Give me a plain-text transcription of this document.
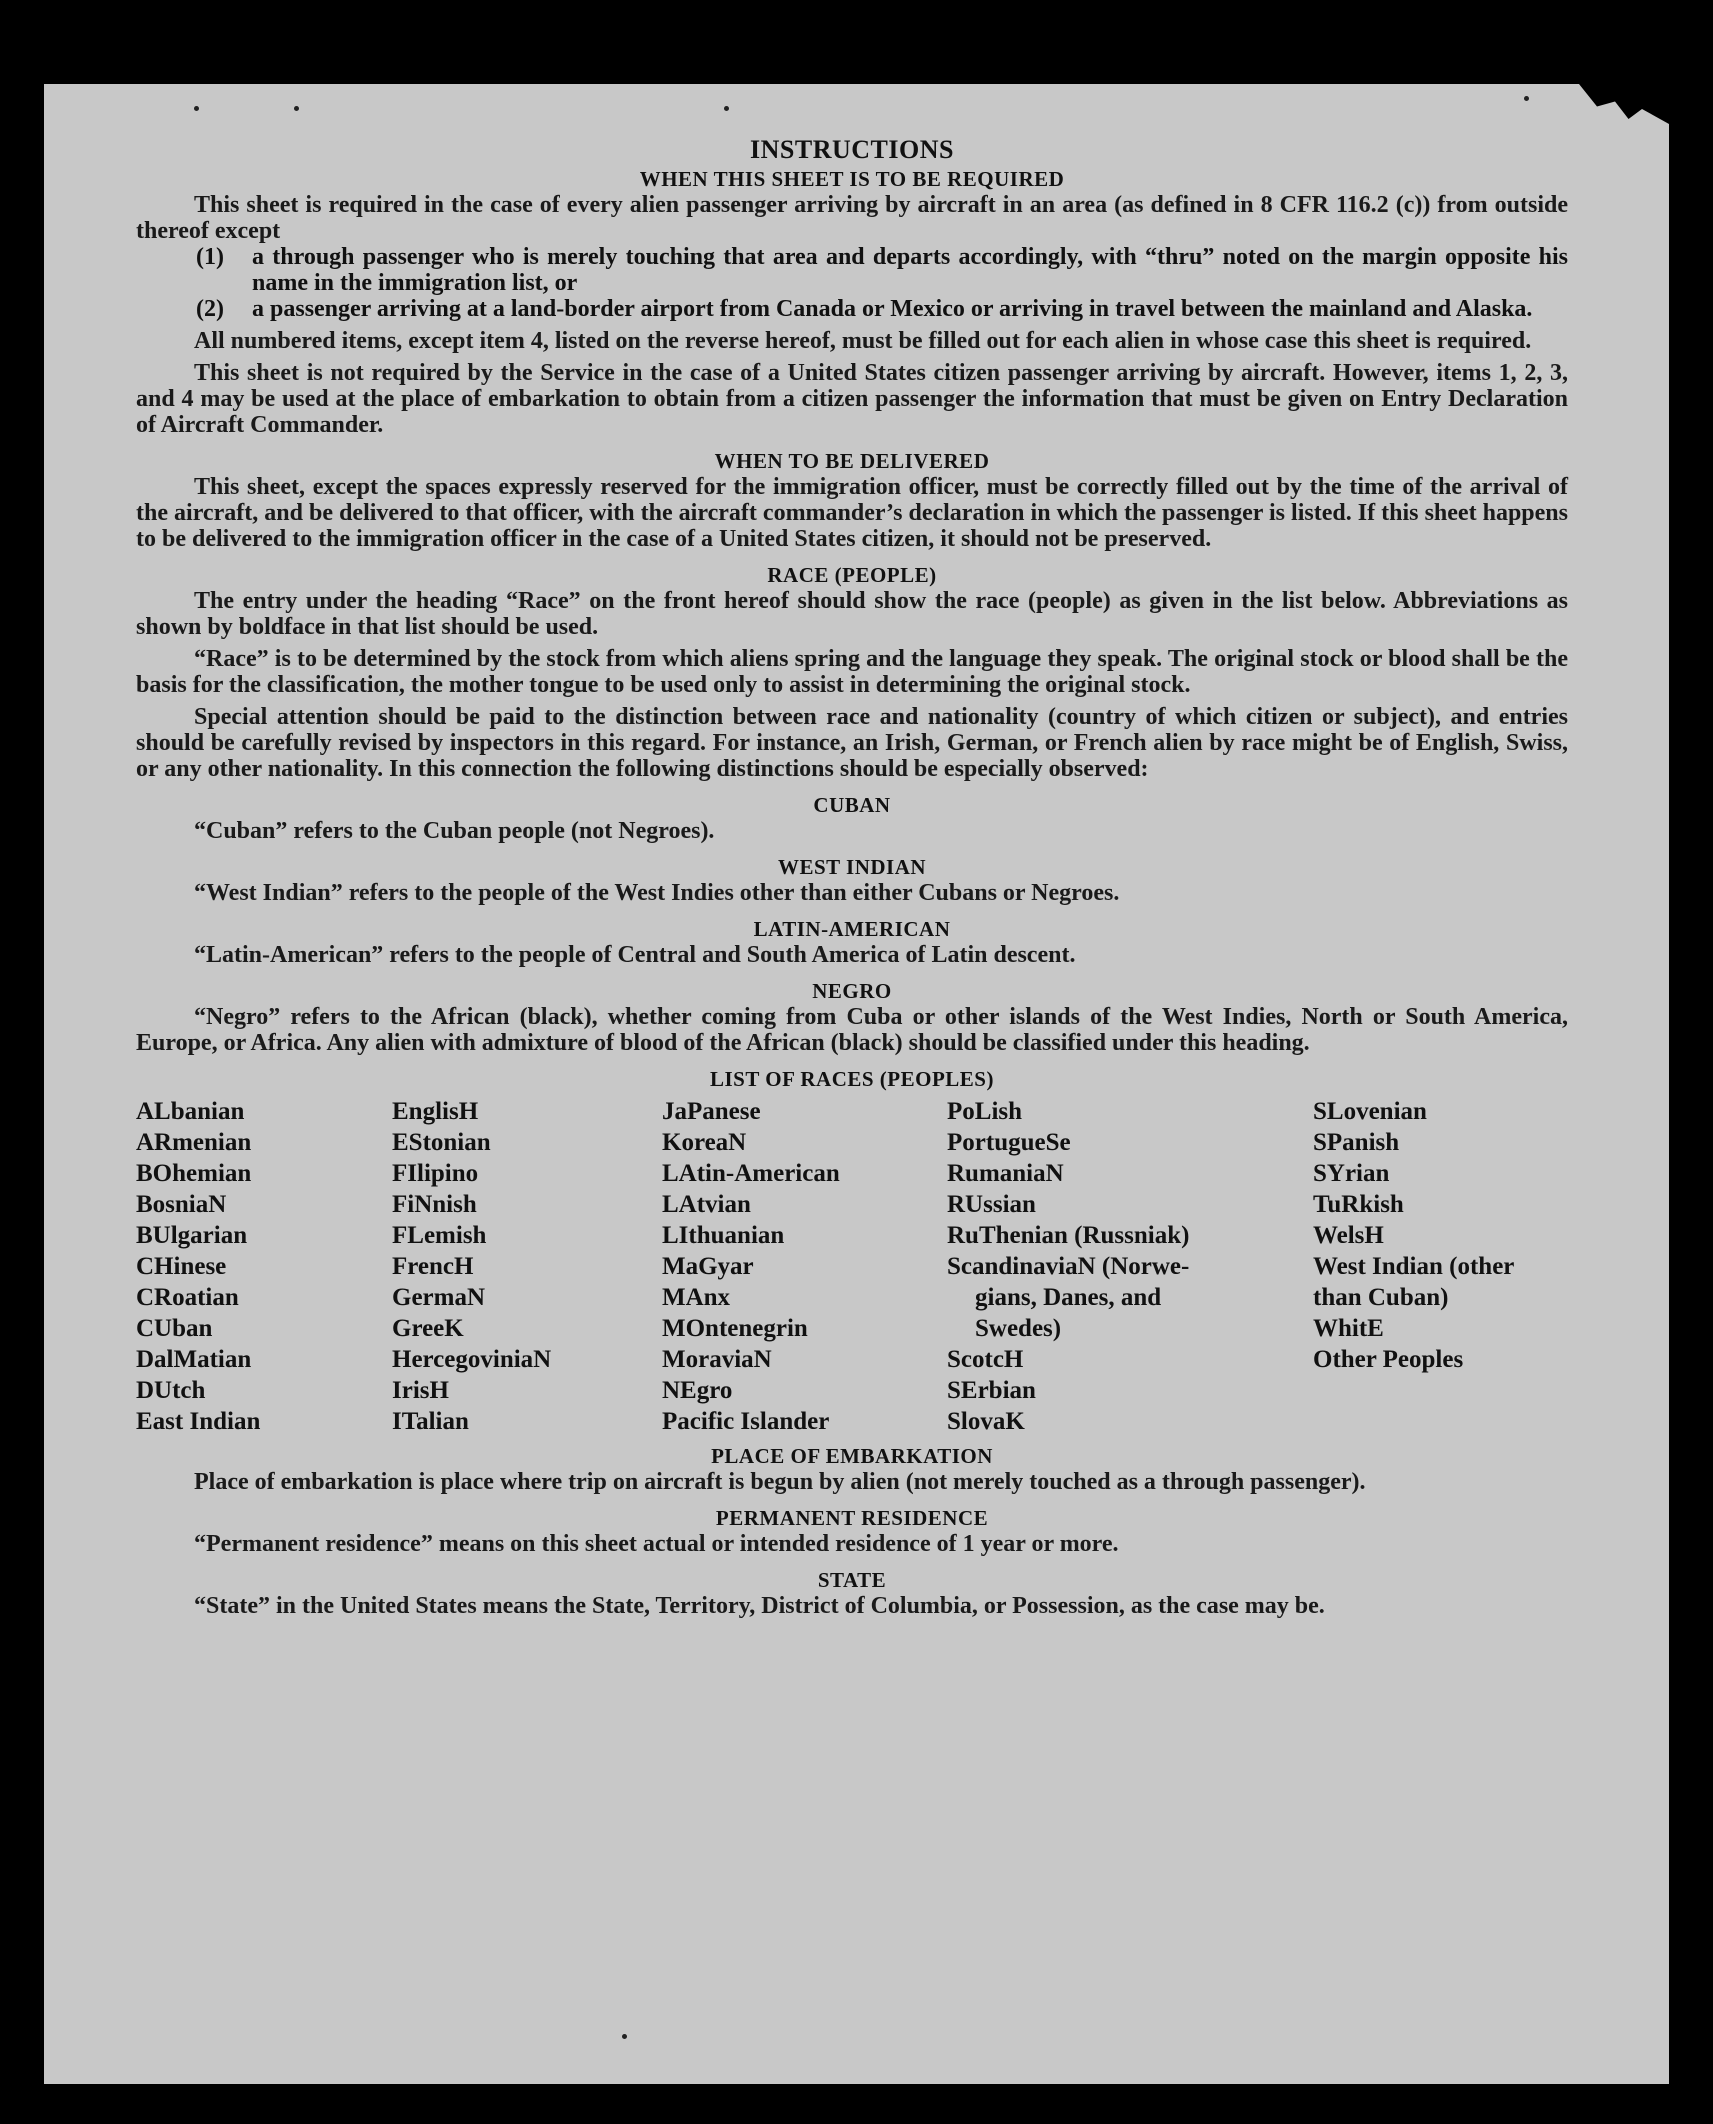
INSTRUCTIONS

WHEN THIS SHEET IS TO BE REQUIRED

This sheet is required in the case of every alien passenger arriving by aircraft in an area (as defined in 8 CFR 116.2 (c)) from outside thereof except

(1)	a through passenger who is merely touching that area and departs accordingly, with “thru” noted on the margin opposite his name in the immigration list, or
(2)	a passenger arriving at a land-border airport from Canada or Mexico or arriving in travel between the mainland and Alaska.

All numbered items, except item 4, listed on the reverse hereof, must be filled out for each alien in whose case this sheet is required.

This sheet is not required by the Service in the case of a United States citizen passenger arriving by aircraft. However, items 1, 2, 3, and 4 may be used at the place of embarkation to obtain from a citizen passenger the information that must be given on Entry Declaration of Aircraft Commander.

WHEN TO BE DELIVERED

This sheet, except the spaces expressly reserved for the immigration officer, must be correctly filled out by the time of the arrival of the aircraft, and be delivered to that officer, with the aircraft commander’s declaration in which the passenger is listed. If this sheet happens to be delivered to the immigration officer in the case of a United States citizen, it should not be preserved.

RACE (PEOPLE)

The entry under the heading “Race” on the front hereof should show the race (people) as given in the list below. Abbreviations as shown by boldface in that list should be used.

“Race” is to be determined by the stock from which aliens spring and the language they speak. The original stock or blood shall be the basis for the classification, the mother tongue to be used only to assist in determining the original stock.

Special attention should be paid to the distinction between race and nationality (country of which citizen or subject), and entries should be carefully revised by inspectors in this regard. For instance, an Irish, German, or French alien by race might be of English, Swiss, or any other nationality. In this connection the following distinctions should be especially observed:

CUBAN

“Cuban” refers to the Cuban people (not Negroes).

WEST INDIAN

“West Indian” refers to the people of the West Indies other than either Cubans or Negroes.

LATIN-AMERICAN

“Latin-American” refers to the people of Central and South America of Latin descent.

NEGRO

“Negro” refers to the African (black), whether coming from Cuba or other islands of the West Indies, North or South America, Europe, or Africa. Any alien with admixture of blood of the African (black) should be classified under this heading.

LIST OF RACES (PEOPLES)

ALbanian
ARmenian
BOhemian
BosniaN
BUlgarian
CHinese
CRoatian
CUban
DalMatian
DUtch
East Indian
EnglisH
EStonian
FIlipino
FiNnish
FLemish
FrencH
GermaN
GreeK
HercegoviniaN
IrisH
ITalian
JaPanese
KoreaN
LAtin-American
LAtvian
LIthuanian
MaGyar
MAnx
MOntenegrin
MoraviaN
NEgro
Pacific Islander
PoLish
PortugueSe
RumaniaN
RUssian
RuThenian (Russniak)
ScandinaviaN (Norwe-
gians, Danes, and
Swedes)
ScotcH
SErbian
SlovaK
SLovenian
SPanish
SYrian
TuRkish
WelsH
West Indian (other
than Cuban)
WhitE
Other Peoples

PLACE OF EMBARKATION

Place of embarkation is place where trip on aircraft is begun by alien (not merely touched as a through passenger).

PERMANENT RESIDENCE

“Permanent residence” means on this sheet actual or intended residence of 1 year or more.

STATE

“State” in the United States means the State, Territory, District of Columbia, or Possession, as the case may be.
